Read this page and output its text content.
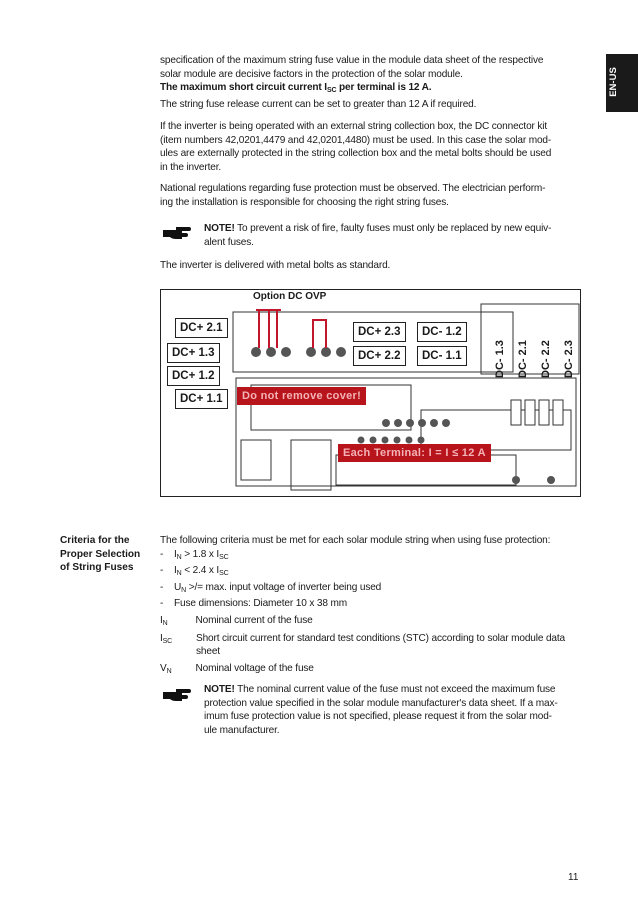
EN-US
specification of the maximum string fuse value in the module data sheet of the respective
solar module are decisive factors in the protection of the solar module.
The maximum short circuit current $I_{SC}$ per terminal is 12 A.
The string fuse release current can be set to greater than 12 A if required.
If the inverter is being operated with an external string collection box, the DC connector kit
(item numbers 42,0201,4479 and 42,0201,4480) must be used. In this case the solar mod-
ules are externally protected in the string collection box and the metal bolts should be used
in the inverter.
National regulations regarding fuse protection must be observed. The electrician perform-
ing the installation is responsible for choosing the right string fuses.
NOTE! To prevent a risk of fire, faulty fuses must only be replaced by new equiv-
alent fuses.
The inverter is delivered with metal bolts as standard.
Option DC OVP
DC+ 2.1
DC+ 1.3
DC+ 1.2
DC+ 1.1
DC+ 2.3	DC- 1.2
DC+ 2.2	DC- 1.1	DC- 1.3 DC- 2.1 DC- 2.2 DC- 2.3
Do not remove cover!
Each Terminal: I = I ≤ 12 A
Criteria for the
Proper Selection
of String Fuses
The following criteria must be met for each solar module string when using fuse protection:
-	$I_N > 1.8$ x $I_{SC}$
-	$I_N < 2.4$ x $I_{SC}$
-	$U_N$ >/= max. input voltage of inverter being used
-	Fuse dimensions: Diameter 10 x 38 mm
$I_N$	Nominal current of the fuse
$I_{SC}$	Short circuit current for standard test conditions (STC) according to solar module data sheet
$V_N$	Nominal voltage of the fuse
NOTE! The nominal current value of the fuse must not exceed the maximum fuse
protection value specified in the solar module manufacturer's data sheet. If a max-
imum fuse protection value is not specified, please request it from the solar mod-
ule manufacturer.
11
